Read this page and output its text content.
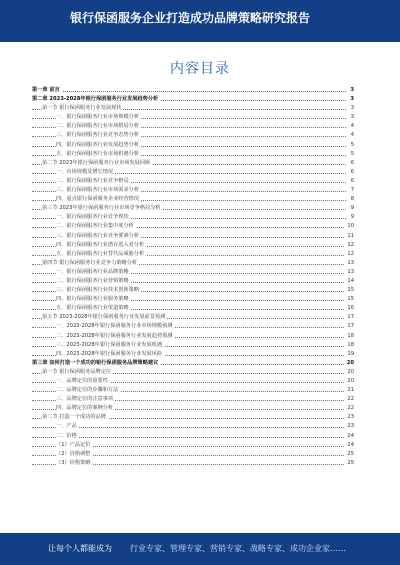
银行保函服务企业打造成功品牌策略研究报告
内容目录
第一章 前言	3
第二章 2023-2028年银行保函服务行业发展趋势分析	3
第一节 银行保函服务行业发展现状	3
一、银行保函服务行业市场规模分析	3
二、银行保函服务行业市场格局分析	4
三、银行保函服务行业竞争态势分析	4
四、银行保函服务行业发展趋势分析	5
五、银行保函服务行业市场机遇分析	5
第二节 2023年银行保函服务行业市场发展回顾	6
一、市场规模及增长情况	6
二、银行保函服务行业竞争格局	6
三、银行保函服务行业市场需求分析	7
四、重点银行保函服务企业经营情况	8
第三节 2023年银行保函服务行业市场竞争格局分析	9
一、银行保函服务行业竞争现状	9
二、银行保函服务行业集中度分析	10
三、银行保函服务行业竞争要素分析	11
四、银行保函服务行业潜在进入者分析	12
五、银行保函服务行业替代品威胁分析	12
第四节 银行保函服务行业竞争力策略分析	13
一、银行保函服务行业品牌策略	13
二、银行保函服务行业营销策略	14
三、银行保函服务行业技术创新策略	15
四、银行保函服务行业服务策略	15
五、银行保函服务行业渠道策略	16
第五节 2023-2028年银行保函服务行业发展前景预测	17
一、2023-2028年银行保函服务行业市场规模预测	17
二、2023-2028年银行保函服务行业发展趋势预测	18
三、2023-2028年银行保函服务行业发展机遇	18
四、2023-2028年银行保函服务行业发展风险	19
第三章 如何打造一个成功的银行保函服务品牌策略建议	20
第一节 银行保函服务品牌定位	20
一、品牌定位的重要性	20
二、品牌定位的步骤和方法	21
三、品牌定位的注意事项	22
四、品牌定位的案例分析	22
第二节 打造一个成功的品牌	23
一、产品	23
二、价格	24
（1）产品定价	24
（2）价格调整	25
（3）价格策略	25
让每个人都能成为 行业专家、管理专家、营销专家、战略专家、成功企业家……
